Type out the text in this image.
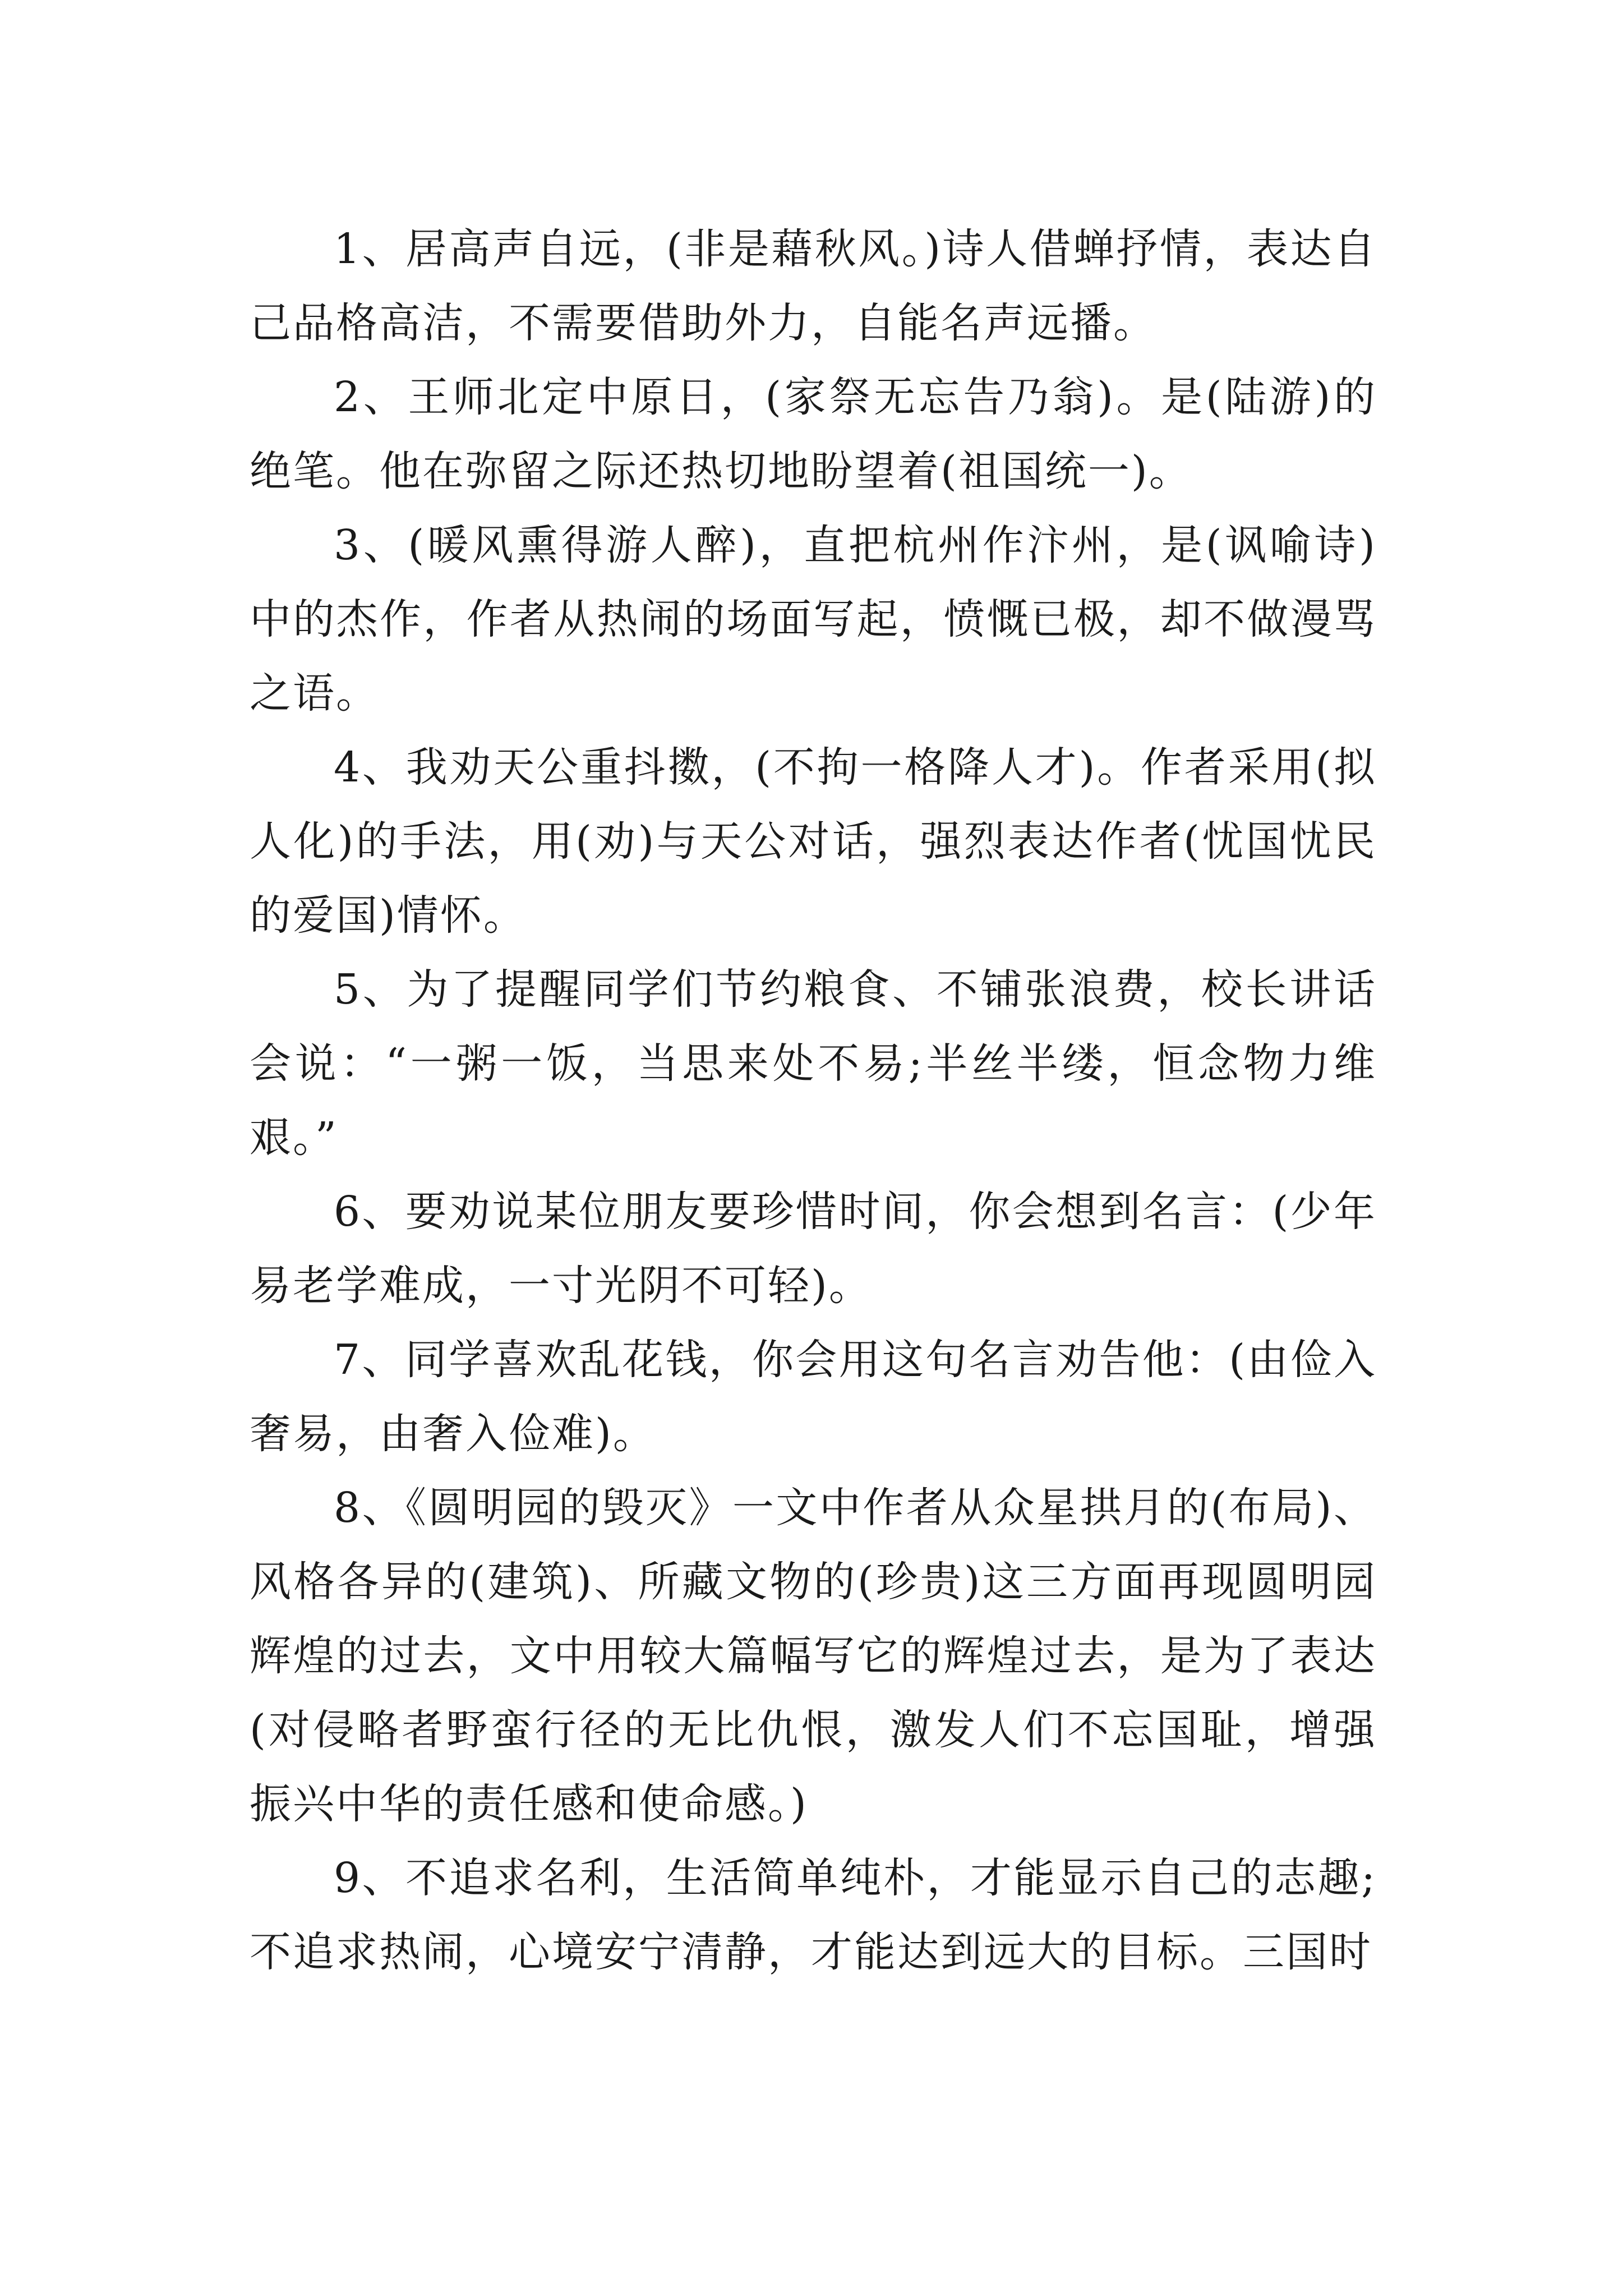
1、居高声自远，(非是藉秋风。)诗人借蝉抒情，表达自己品格高洁，不需要借助外力，自能名声远播。

2、王师北定中原日，(家祭无忘告乃翁)。是(陆游)的绝笔。他在弥留之际还热切地盼望着(祖国统一)。

3、(暖风熏得游人醉)，直把杭州作汴州，是(讽喻诗)中的杰作，作者从热闹的场面写起，愤慨已极，却不做漫骂之语。

4、我劝天公重抖擞，(不拘一格降人才)。作者采用(拟人化)的手法，用(劝)与天公对话，强烈表达作者(忧国忧民的爱国)情怀。

5、为了提醒同学们节约粮食、不铺张浪费，校长讲话会说：“一粥一饭，当思来处不易;半丝半缕，恒念物力维艰。”

6、要劝说某位朋友要珍惜时间，你会想到名言：(少年易老学难成，一寸光阴不可轻)。

7、同学喜欢乱花钱，你会用这句名言劝告他：(由俭入奢易，由奢入俭难)。

8、《圆明园的毁灭》一文中作者从众星拱月的(布局)、风格各异的(建筑)、所藏文物的(珍贵)这三方面再现圆明园辉煌的过去，文中用较大篇幅写它的辉煌过去，是为了表达(对侵略者野蛮行径的无比仇恨，激发人们不忘国耻，增强振兴中华的责任感和使命感。)

9、不追求名利，生活简单纯朴，才能显示自己的志趣;不追求热闹，心境安宁清静，才能达到远大的目标。三国时
